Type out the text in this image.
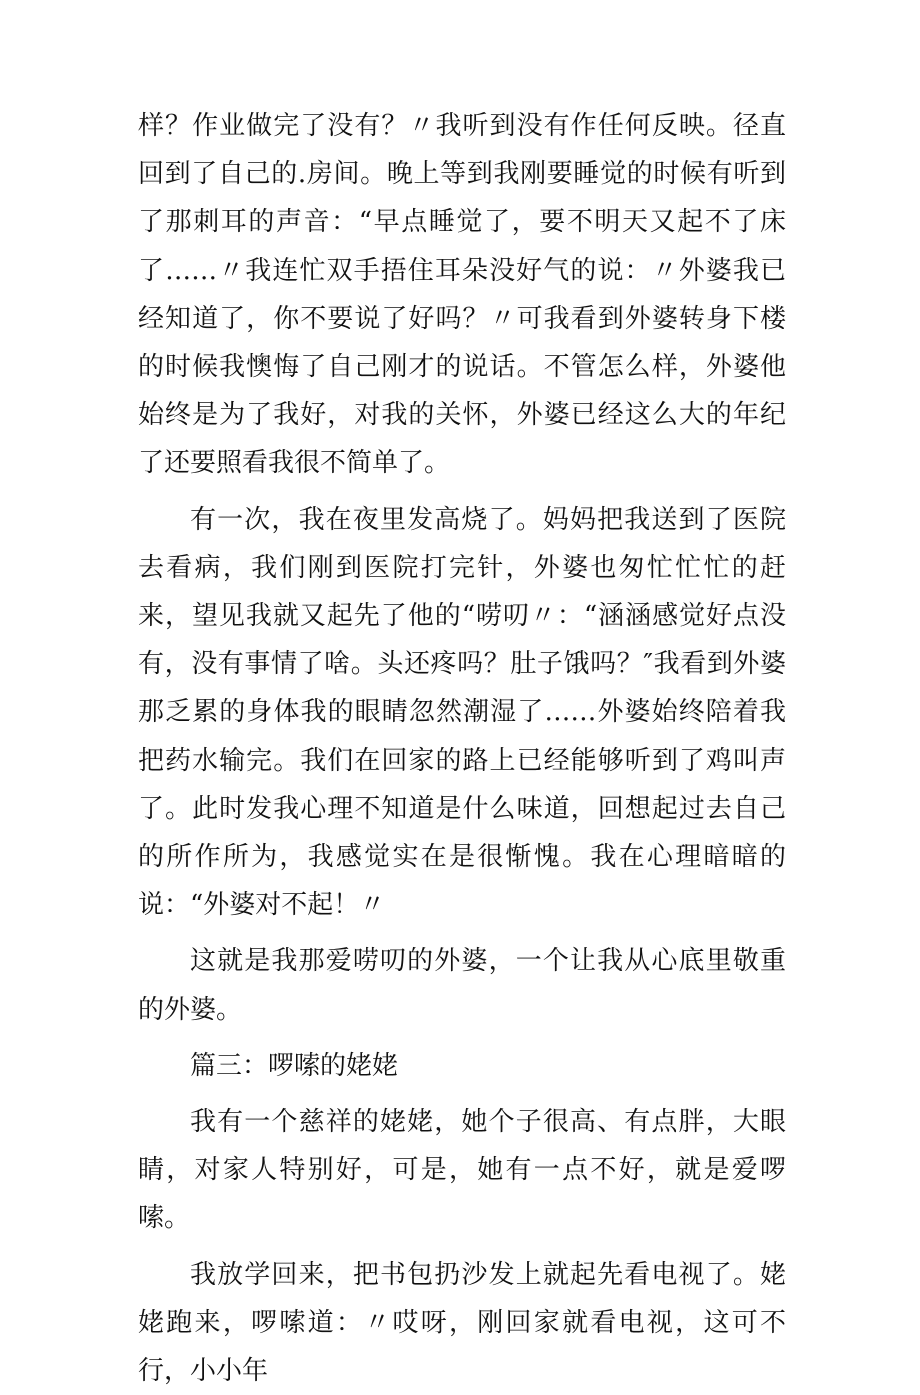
样？作业做完了没有？〃我听到没有作任何反映。径直回到了自己的.房间。晚上等到我刚要睡觉的时候有听到了那刺耳的声音：“早点睡觉了，要不明天又起不了床了……〃我连忙双手捂住耳朵没好气的说：〃外婆我已经知道了，你不要说了好吗？〃可我看到外婆转身下楼的时候我懊悔了自己刚才的说话。不管怎么样，外婆他始终是为了我好，对我的关怀，外婆已经这么大的年纪了还要照看我很不简单了。

有一次，我在夜里发高烧了。妈妈把我送到了医院去看病，我们刚到医院打完针，外婆也匆忙忙忙的赶来，望见我就又起先了他的“唠叨〃：“涵涵感觉好点没有，没有事情了啥。头还疼吗？肚子饿吗？″我看到外婆那乏累的身体我的眼睛忽然潮湿了……外婆始终陪着我把药水输完。我们在回家的路上已经能够听到了鸡叫声了。此时发我心理不知道是什么味道，回想起过去自己的所作所为，我感觉实在是很惭愧。我在心理暗暗的说：“外婆对不起！〃

这就是我那爱唠叨的外婆，一个让我从心底里敬重的外婆。

篇三：啰嗦的姥姥

我有一个慈祥的姥姥，她个子很高、有点胖，大眼睛，对家人特别好，可是，她有一点不好，就是爱啰嗦。

我放学回来，把书包扔沙发上就起先看电视了。姥姥跑来，啰嗦道：〃哎呀，刚回家就看电视，这可不行，小小年
